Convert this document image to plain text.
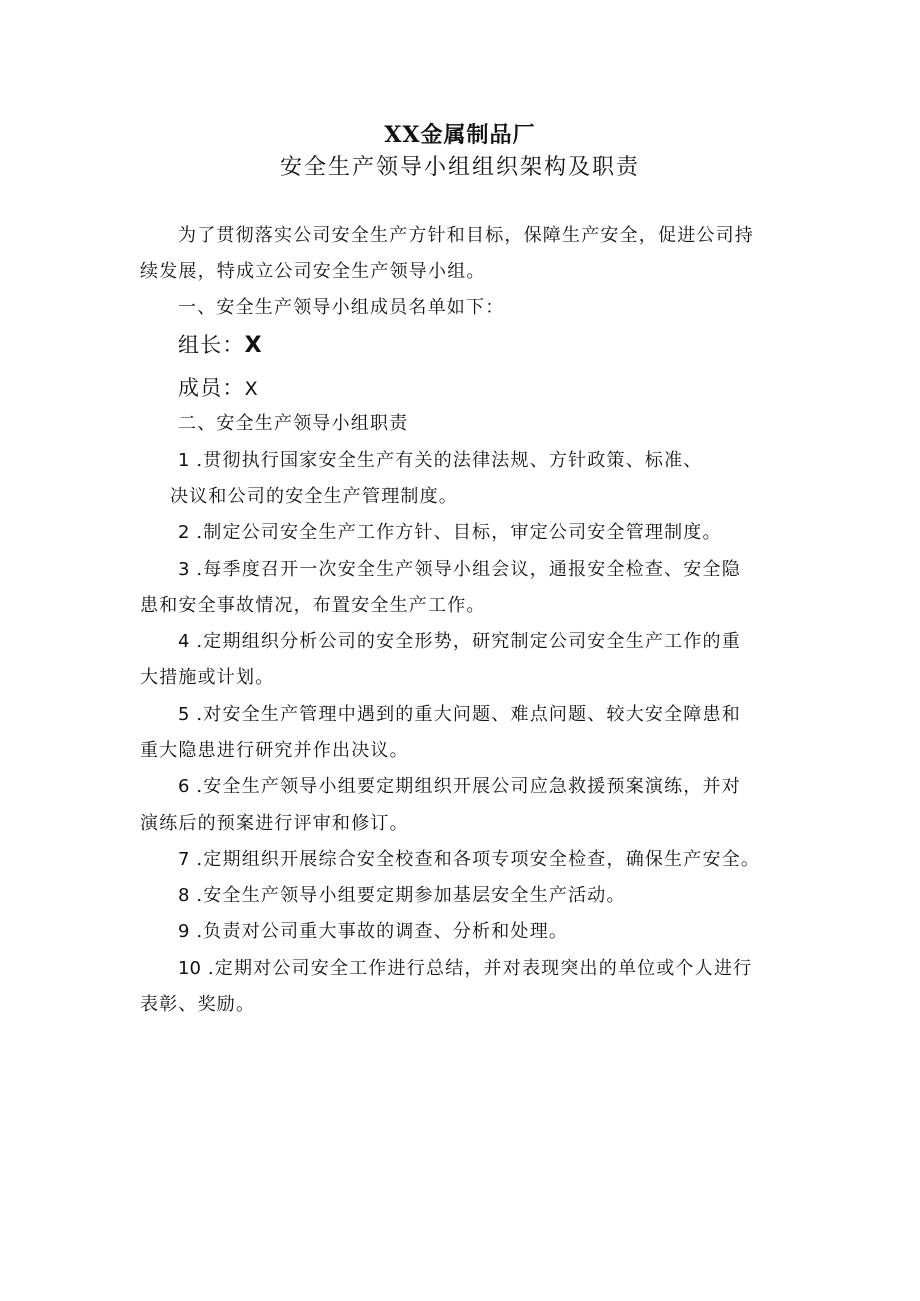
XX金属制品厂
安全生产领导小组组织架构及职责
为了贯彻落实公司安全生产方针和目标，保障生产安全，促进公司持
续发展，特成立公司安全生产领导小组。
一、安全生产领导小组成员名单如下：
组长：X
成员：X
二、安全生产领导小组职责
1 .贯彻执行国家安全生产有关的法律法规、方针政策、标准、
决议和公司的安全生产管理制度。
2 .制定公司安全生产工作方针、目标，审定公司安全管理制度。
3 .每季度召开一次安全生产领导小组会议，通报安全检查、安全隐
患和安全事故情况，布置安全生产工作。
4 .定期组织分析公司的安全形势，研究制定公司安全生产工作的重
大措施或计划。
5 .对安全生产管理中遇到的重大问题、难点问题、较大安全障患和
重大隐患进行研究并作出决议。
6 .安全生产领导小组要定期组织开展公司应急救援预案演练，并对
演练后的预案进行评审和修订。
7 .定期组织开展综合安全校查和各项专项安全检查，确保生产安全。
8 .安全生产领导小组要定期参加基层安全生产活动。
9 .负责对公司重大事故的调查、分析和处理。
10 .定期对公司安全工作进行总结，并对表现突出的单位或个人进行
表彰、奖励。
